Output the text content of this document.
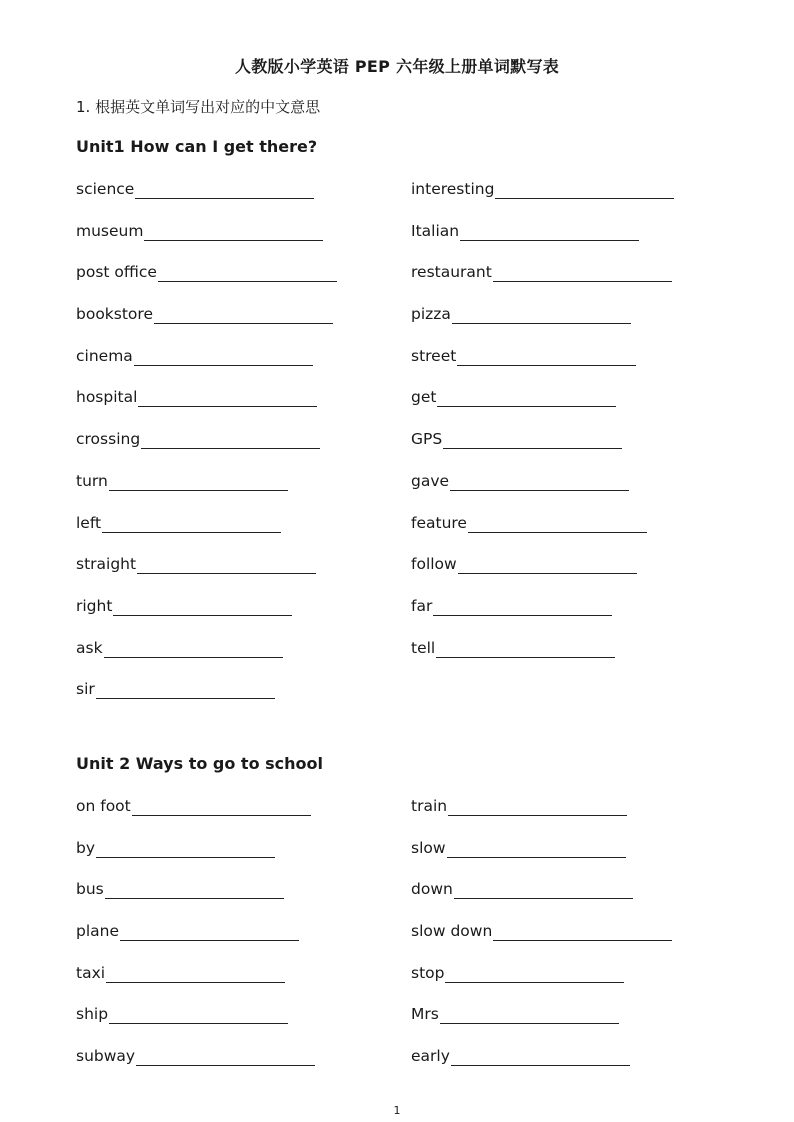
人教版小学英语 PEP 六年级上册单词默写表
1. 根据英文单词写出对应的中文意思
Unit1 How can I get there?
science	interesting
museum	Italian
post office	restaurant
bookstore	pizza
cinema	street
hospital	get
crossing	GPS
turn	gave
left	feature
straight	follow
right	far
ask	tell
sir
Unit 2 Ways to go to school
on foot	train
by	slow
bus	down
plane	slow down
taxi	stop
ship	Mrs
subway	early
1
